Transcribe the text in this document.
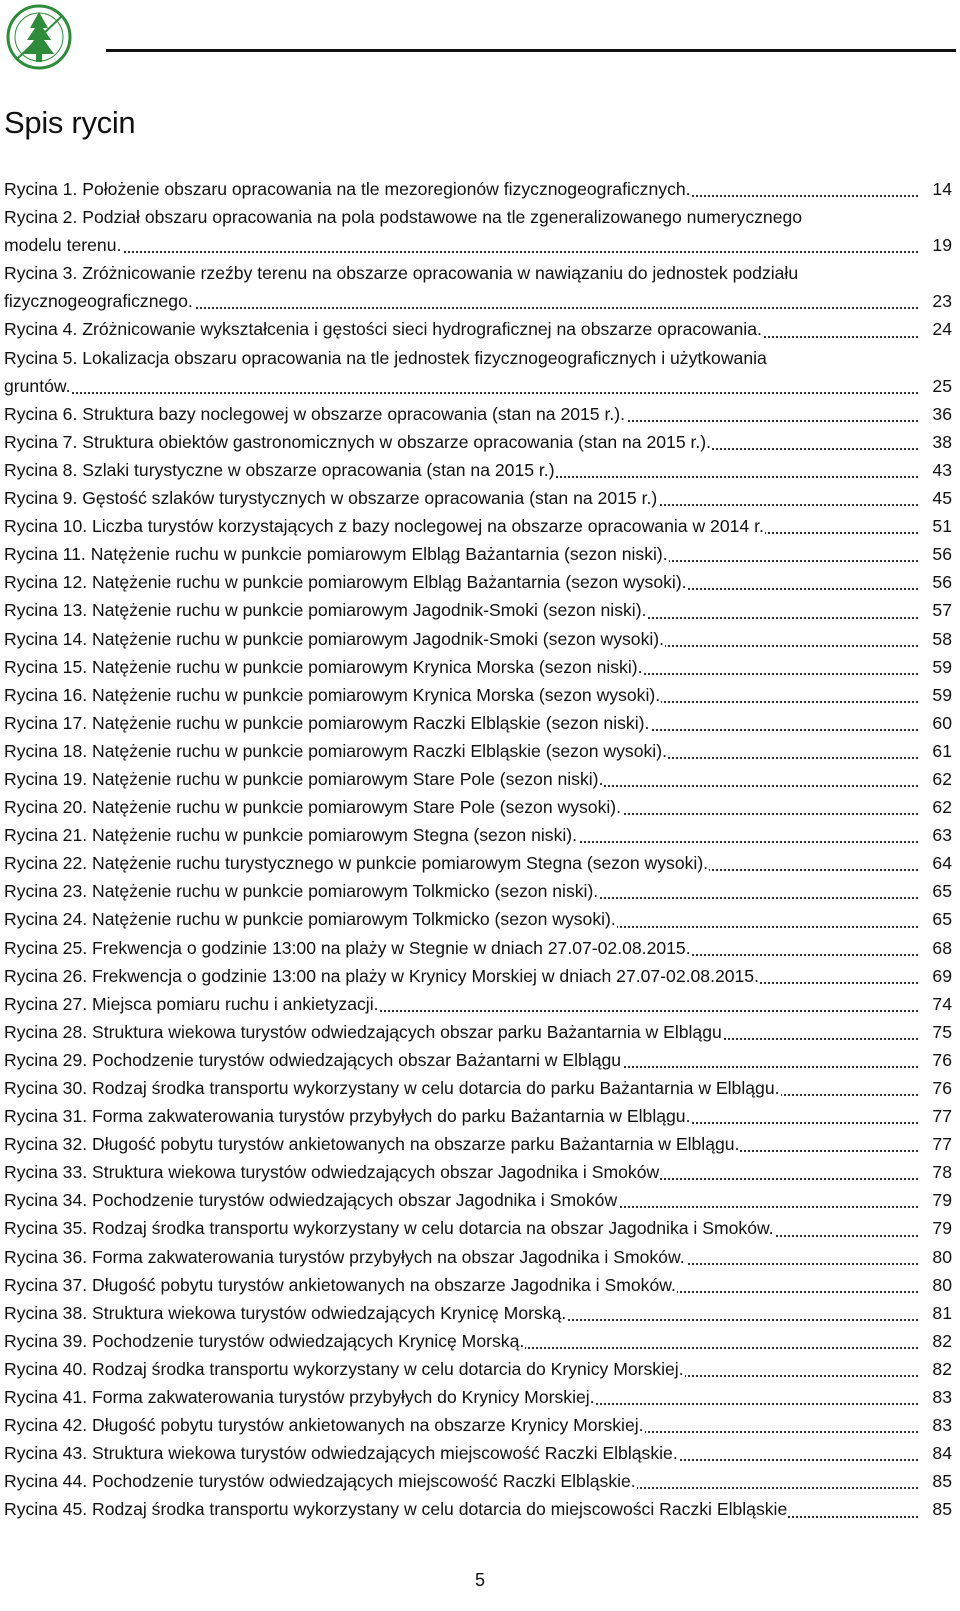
Spis rycin
Rycina 1. Położenie obszaru opracowania na tle mezoregionów fizycznogeograficznych.	14
Rycina 2. Podział obszaru opracowania na pola podstawowe na tle zgeneralizowanego numerycznego
modelu terenu.	19
Rycina 3. Zróżnicowanie rzeźby terenu na obszarze opracowania w nawiązaniu do jednostek podziału
fizycznogeograficznego.	23
Rycina 4. Zróżnicowanie wykształcenia i gęstości sieci hydrograficznej na obszarze opracowania.	24
Rycina 5. Lokalizacja obszaru opracowania na tle jednostek fizycznogeograficznych i użytkowania
gruntów.	25
Rycina 6. Struktura bazy noclegowej w obszarze opracowania (stan na 2015 r.).	36
Rycina 7. Struktura obiektów gastronomicznych w obszarze opracowania (stan na 2015 r.).	38
Rycina 8. Szlaki turystyczne w obszarze opracowania (stan na 2015 r.)	43
Rycina 9. Gęstość szlaków turystycznych w obszarze opracowania (stan na 2015 r.)	45
Rycina 10. Liczba turystów korzystających z bazy noclegowej na obszarze opracowania w 2014 r.	51
Rycina 11. Natężenie ruchu w punkcie pomiarowym Elbląg Bażantarnia (sezon niski).	56
Rycina 12. Natężenie ruchu w punkcie pomiarowym Elbląg Bażantarnia (sezon wysoki).	56
Rycina 13. Natężenie ruchu w punkcie pomiarowym Jagodnik-Smoki (sezon niski).	57
Rycina 14. Natężenie ruchu w punkcie pomiarowym Jagodnik-Smoki (sezon wysoki).	58
Rycina 15. Natężenie ruchu w punkcie pomiarowym Krynica Morska (sezon niski).	59
Rycina 16. Natężenie ruchu w punkcie pomiarowym Krynica Morska (sezon wysoki).	59
Rycina 17. Natężenie ruchu w punkcie pomiarowym Raczki Elbląskie (sezon niski).	60
Rycina 18. Natężenie ruchu w punkcie pomiarowym Raczki Elbląskie (sezon wysoki).	61
Rycina 19. Natężenie ruchu w punkcie pomiarowym Stare Pole (sezon niski).	62
Rycina 20. Natężenie ruchu w punkcie pomiarowym Stare Pole (sezon wysoki).	62
Rycina 21. Natężenie ruchu w punkcie pomiarowym Stegna (sezon niski).	63
Rycina 22. Natężenie ruchu turystycznego w punkcie pomiarowym Stegna (sezon wysoki).	64
Rycina 23. Natężenie ruchu w punkcie pomiarowym Tolkmicko (sezon niski).	65
Rycina 24. Natężenie ruchu w punkcie pomiarowym Tolkmicko (sezon wysoki).	65
Rycina 25. Frekwencja o godzinie 13:00 na plaży w Stegnie w dniach 27.07-02.08.2015.	68
Rycina 26. Frekwencja o godzinie 13:00 na plaży w Krynicy Morskiej w dniach 27.07-02.08.2015.	69
Rycina 27. Miejsca pomiaru ruchu i ankietyzacji.	74
Rycina 28. Struktura wiekowa turystów odwiedzających obszar parku Bażantarnia w Elblągu	75
Rycina 29. Pochodzenie turystów odwiedzających obszar Bażantarni w Elblągu	76
Rycina 30. Rodzaj środka transportu wykorzystany w celu dotarcia do parku Bażantarnia w Elblągu.	76
Rycina 31. Forma zakwaterowania turystów przybyłych do parku Bażantarnia w Elblągu.	77
Rycina 32. Długość pobytu turystów ankietowanych na obszarze parku Bażantarnia w Elblągu.	77
Rycina 33. Struktura wiekowa turystów odwiedzających obszar Jagodnika i Smoków	78
Rycina 34. Pochodzenie turystów odwiedzających obszar Jagodnika i Smoków	79
Rycina 35. Rodzaj środka transportu wykorzystany w celu dotarcia na obszar Jagodnika i Smoków.	79
Rycina 36. Forma zakwaterowania turystów przybyłych na obszar Jagodnika i Smoków.	80
Rycina 37. Długość pobytu turystów ankietowanych na obszarze Jagodnika i Smoków.	80
Rycina 38. Struktura wiekowa turystów odwiedzających Krynicę Morską.	81
Rycina 39. Pochodzenie turystów odwiedzających Krynicę Morską.	82
Rycina 40. Rodzaj środka transportu wykorzystany w celu dotarcia do Krynicy Morskiej.	82
Rycina 41. Forma zakwaterowania turystów przybyłych do Krynicy Morskiej.	83
Rycina 42. Długość pobytu turystów ankietowanych na obszarze Krynicy Morskiej.	83
Rycina 43. Struktura wiekowa turystów odwiedzających miejscowość Raczki Elbląskie.	84
Rycina 44. Pochodzenie turystów odwiedzających miejscowość Raczki Elbląskie.	85
Rycina 45. Rodzaj środka transportu wykorzystany w celu dotarcia do miejscowości Raczki Elbląskie	85
5
